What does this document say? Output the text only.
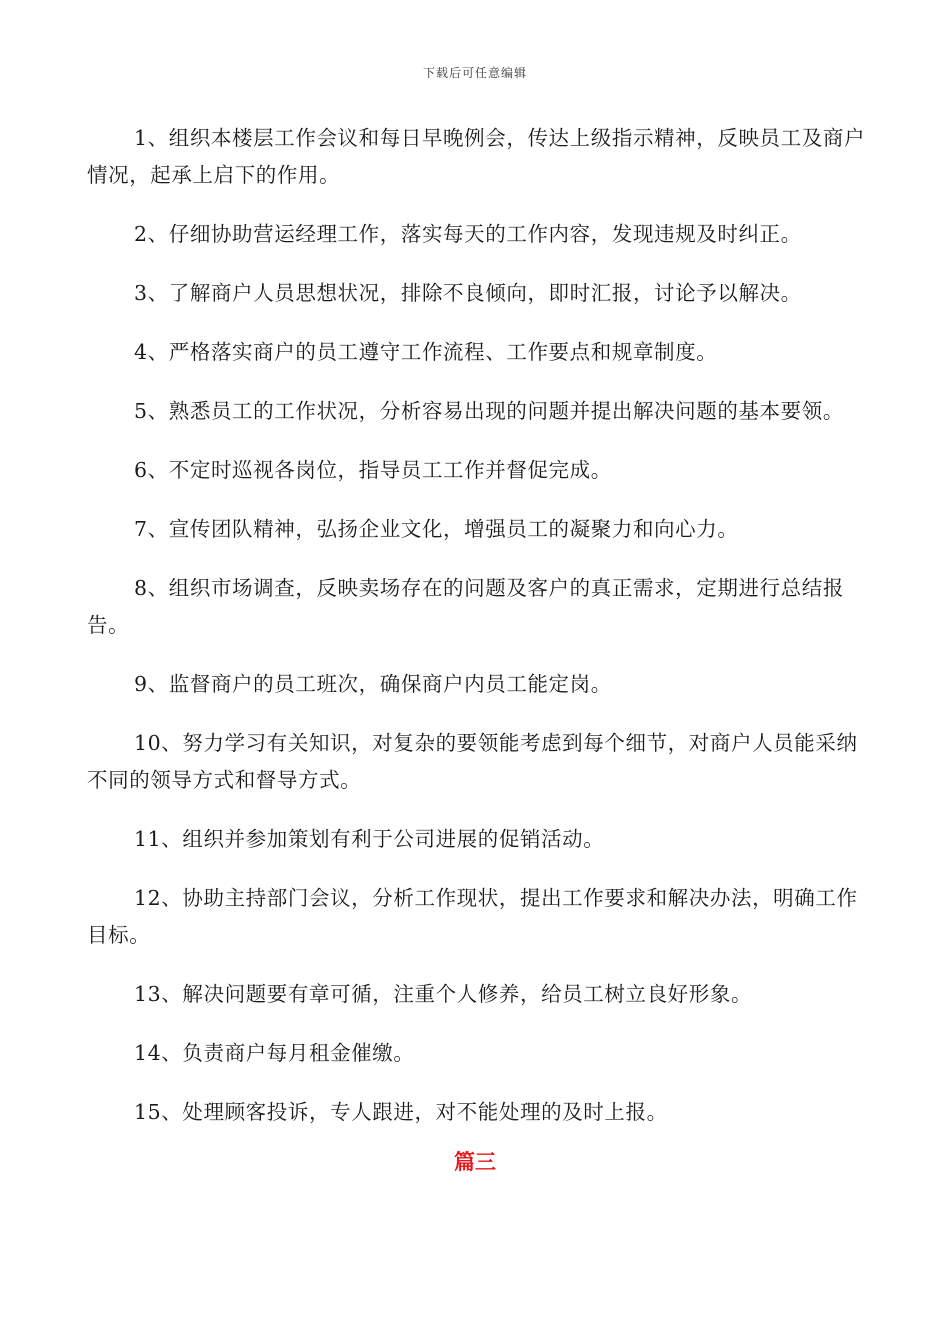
下载后可任意编辑

1、组织本楼层工作会议和每日早晚例会，传达上级指示精神，反映员工及商户情况，起承上启下的作用。

2、仔细协助营运经理工作，落实每天的工作内容，发现违规及时纠正。

3、了解商户人员思想状况，排除不良倾向，即时汇报，讨论予以解决。

4、严格落实商户的员工遵守工作流程、工作要点和规章制度。

5、熟悉员工的工作状况，分析容易出现的问题并提出解决问题的基本要领。

6、不定时巡视各岗位，指导员工工作并督促完成。

7、宣传团队精神，弘扬企业文化，增强员工的凝聚力和向心力。

8、组织市场调查，反映卖场存在的问题及客户的真正需求，定期进行总结报告。

9、监督商户的员工班次，确保商户内员工能定岗。

10、努力学习有关知识，对复杂的要领能考虑到每个细节，对商户人员能采纳不同的领导方式和督导方式。

11、组织并参加策划有利于公司进展的促销活动。

12、协助主持部门会议，分析工作现状，提出工作要求和解决办法，明确工作目标。

13、解决问题要有章可循，注重个人修养，给员工树立良好形象。

14、负责商户每月租金催缴。

15、处理顾客投诉，专人跟进，对不能处理的及时上报。

篇三
